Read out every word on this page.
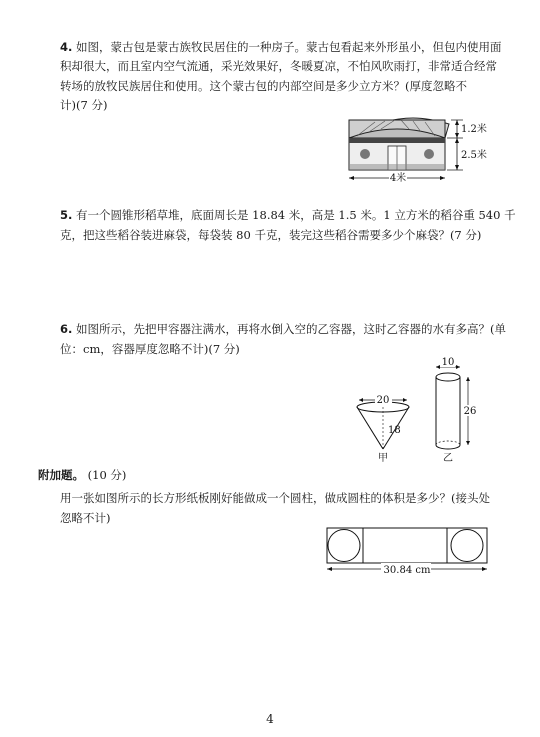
4. 如图，蒙古包是蒙古族牧民居住的一种房子。蒙古包看起来外形虽小，但包内使用面
积却很大，而且室内空气流通，采光效果好，冬暖夏凉，不怕风吹雨打，非常适合经常
转场的放牧民族居住和使用。这个蒙古包的内部空间是多少立方米？(厚度忽略不
计)(7 分)
4米
1.2米
2.5米
5. 有一个圆锥形稻草堆，底面周长是 18.84 米，高是 1.5 米。1 立方米的稻谷重 540 千
克，把这些稻谷装进麻袋，每袋装 80 千克，装完这些稻谷需要多少个麻袋？(7 分)
6. 如图所示，先把甲容器注满水，再将水倒入空的乙容器，这时乙容器的水有多高？(单
位：cm，容器厚度忽略不计)(7 分)
20
18
甲
10
26
乙
附加题。 (10 分)
用一张如图所示的长方形纸板刚好能做成一个圆柱，做成圆柱的体积是多少？(接头处
忽略不计)
30.84 cm
4
